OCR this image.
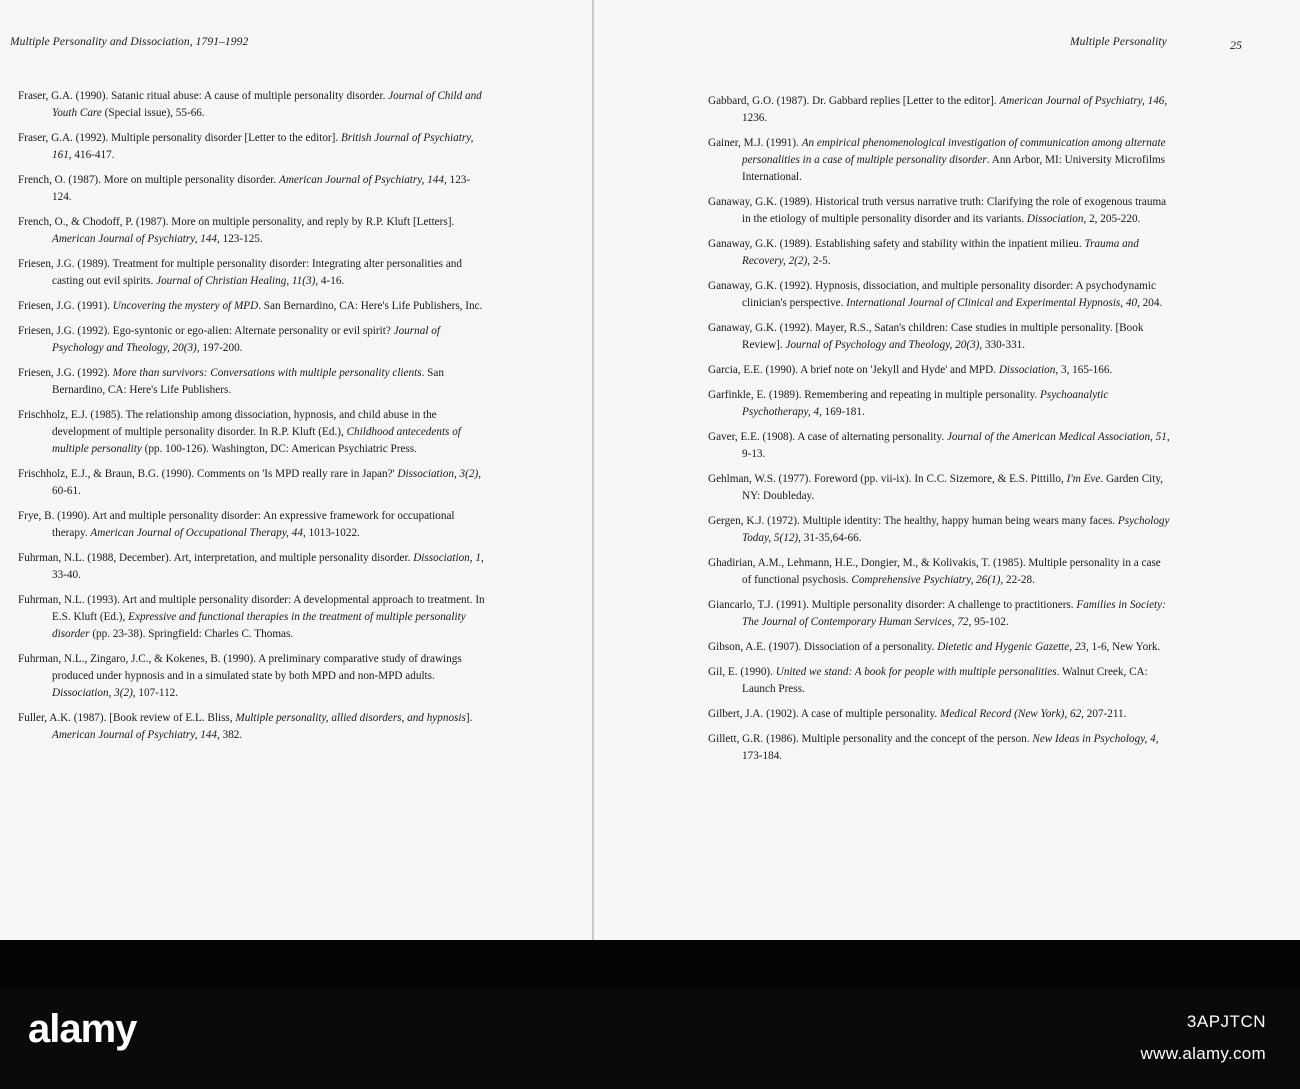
Multiple Personality and Dissociation, 1791–1992
Fraser, G.A. (1990). Satanic ritual abuse: A cause of multiple personality disorder. Journal of Child and Youth Care (Special issue), 55-66.
Fraser, G.A. (1992). Multiple personality disorder [Letter to the editor]. British Journal of Psychiatry, 161, 416-417.
French, O. (1987). More on multiple personality disorder. American Journal of Psychiatry, 144, 123-124.
French, O., & Chodoff, P. (1987). More on multiple personality, and reply by R.P. Kluft [Letters]. American Journal of Psychiatry, 144, 123-125.
Friesen, J.G. (1989). Treatment for multiple personality disorder: Integrating alter personalities and casting out evil spirits. Journal of Christian Healing, 11(3), 4-16.
Friesen, J.G. (1991). Uncovering the mystery of MPD. San Bernardino, CA: Here's Life Publishers, Inc.
Friesen, J.G. (1992). Ego-syntonic or ego-alien: Alternate personality or evil spirit? Journal of Psychology and Theology, 20(3), 197-200.
Friesen, J.G. (1992). More than survivors: Conversations with multiple personality clients. San Bernardino, CA: Here's Life Publishers.
Frischholz, E.J. (1985). The relationship among dissociation, hypnosis, and child abuse in the development of multiple personality disorder. In R.P. Kluft (Ed.), Childhood antecedents of multiple personality (pp. 100-126). Washington, DC: American Psychiatric Press.
Frischholz, E.J., & Braun, B.G. (1990). Comments on 'Is MPD really rare in Japan?' Dissociation, 3(2), 60-61.
Frye, B. (1990). Art and multiple personality disorder: An expressive framework for occupational therapy. American Journal of Occupational Therapy, 44, 1013-1022.
Fuhrman, N.L. (1988, December). Art, interpretation, and multiple personality disorder. Dissociation, 1, 33-40.
Fuhrman, N.L. (1993). Art and multiple personality disorder: A developmental approach to treatment. In E.S. Kluft (Ed.), Expressive and functional therapies in the treatment of multiple personality disorder (pp. 23-38). Springfield: Charles C. Thomas.
Fuhrman, N.L., Zingaro, J.C., & Kokenes, B. (1990). A preliminary comparative study of drawings produced under hypnosis and in a simulated state by both MPD and non-MPD adults. Dissociation, 3(2), 107-112.
Fuller, A.K. (1987). [Book review of E.L. Bliss, Multiple personality, allied disorders, and hypnosis]. American Journal of Psychiatry, 144, 382.
Multiple Personality	25
Gabbard, G.O. (1987). Dr. Gabbard replies [Letter to the editor]. American Journal of Psychiatry, 146, 1236.
Gainer, M.J. (1991). An empirical phenomenological investigation of communication among alternate personalities in a case of multiple personality disorder. Ann Arbor, MI: University Microfilms International.
Ganaway, G.K. (1989). Historical truth versus narrative truth: Clarifying the role of exogenous trauma in the etiology of multiple personality disorder and its variants. Dissociation, 2, 205-220.
Ganaway, G.K. (1989). Establishing safety and stability within the inpatient milieu. Trauma and Recovery, 2(2), 2-5.
Ganaway, G.K. (1992). Hypnosis, dissociation, and multiple personality disorder: A psychodynamic clinician's perspective. International Journal of Clinical and Experimental Hypnosis, 40, 204.
Ganaway, G.K. (1992). Mayer, R.S., Satan's children: Case studies in multiple personality. [Book Review]. Journal of Psychology and Theology, 20(3), 330-331.
Garcia, E.E. (1990). A brief note on 'Jekyll and Hyde' and MPD. Dissociation, 3, 165-166.
Garfinkle, E. (1989). Remembering and repeating in multiple personality. Psychoanalytic Psychotherapy, 4, 169-181.
Gaver, E.E. (1908). A case of alternating personality. Journal of the American Medical Association, 51, 9-13.
Gehlman, W.S. (1977). Foreword (pp. vii-ix). In C.C. Sizemore, & E.S. Pittillo, I'm Eve. Garden City, NY: Doubleday.
Gergen, K.J. (1972). Multiple identity: The healthy, happy human being wears many faces. Psychology Today, 5(12), 31-35,64-66.
Ghadirian, A.M., Lehmann, H.E., Dongier, M., & Kolivakis, T. (1985). Multiple personality in a case of functional psychosis. Comprehensive Psychiatry, 26(1), 22-28.
Giancarlo, T.J. (1991). Multiple personality disorder: A challenge to practitioners. Families in Society: The Journal of Contemporary Human Services, 72, 95-102.
Gibson, A.E. (1907). Dissociation of a personality. Dietetic and Hygenic Gazette, 23, 1-6, New York.
Gil, E. (1990). United we stand: A book for people with multiple personalities. Walnut Creek, CA: Launch Press.
Gilbert, J.A. (1902). A case of multiple personality. Medical Record (New York), 62, 207-211.
Gillett, G.R. (1986). Multiple personality and the concept of the person. New Ideas in Psychology, 4, 173-184.
alamy	3APJTCN
www.alamy.com
